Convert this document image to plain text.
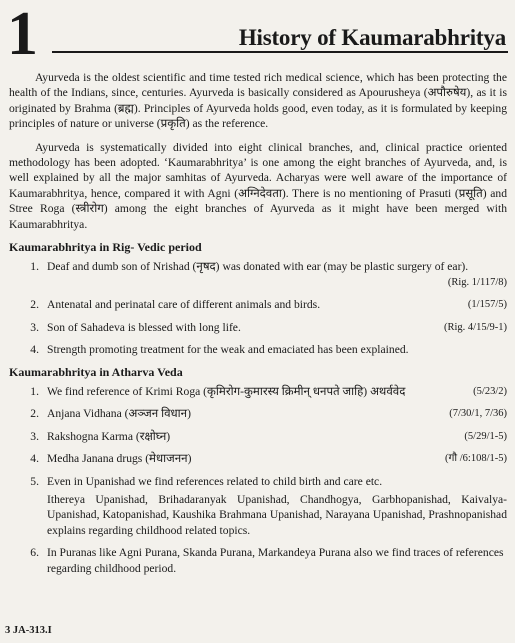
1	History of Kaumarabhritya

Ayurveda is the oldest scientific and time tested rich medical science, which has been protecting the health of the Indians, since, centuries. Ayurveda is basically considered as Apourusheya (अपौरुषेय), as it is originated by Brahma (ब्रह्म). Principles of Ayurveda holds good, even today, as it is formulated by keeping principles of nature or universe (प्रकृति) as the reference.

Ayurveda is systematically divided into eight clinical branches, and, clinical practice oriented methodology has been adopted. ‘Kaumarabhritya’ is one among the eight branches of Ayurveda, and, is well explained by all the major samhitas of Ayurveda. Acharyas were well aware of the importance of Kaumarabhritya, hence, compared it with Agni (अग्निदेवता). There is no mentioning of Prasuti (प्रसूति) and Stree Roga (स्त्रीरोग) among the eight branches of Ayurveda as it might have been merged with Kaumarabhritya.

Kaumarabhritya in Rig- Vedic period
1. Deaf and dumb son of Nrishad (नृषद) was donated with ear (may be plastic surgery of ear).
(Rig. 1/117/8)
2. Antenatal and perinatal care of different animals and birds.	(1/157/5)
3. Son of Sahadeva is blessed with long life.	(Rig. 4/15/9-1)
4. Strength promoting treatment for the weak and emaciated has been explained.
Kaumarabhritya in Atharva Veda
1. We find reference of Krimi Roga (कृमिरोग-कुमारस्य क्रिमीन् धनपते जाहि) अथर्ववेद	(5/23/2)
2. Anjana Vidhana (अञ्जन विधान)	(7/30/1, 7/36)
3. Rakshogna Karma (रक्षोघ्न)	(5/29/1-5)
4. Medha Janana drugs (मेधाजनन)	(गौ /6:108/1-5)
5. Even in Upanishad we find references related to child birth and care etc.

Ithereya Upanishad, Brihadaranyak Upanishad, Chandhogya, Garbhopanishad, Kaivalya-Upanishad, Katopanishad, Kaushika Brahmana Upanishad, Narayana Upanishad, Prashnopanishad explains regarding childhood related topics.

6. In Puranas like Agni Purana, Skanda Purana, Markandeya Purana also we find traces of references regarding childhood period.
3 JA-313.I
